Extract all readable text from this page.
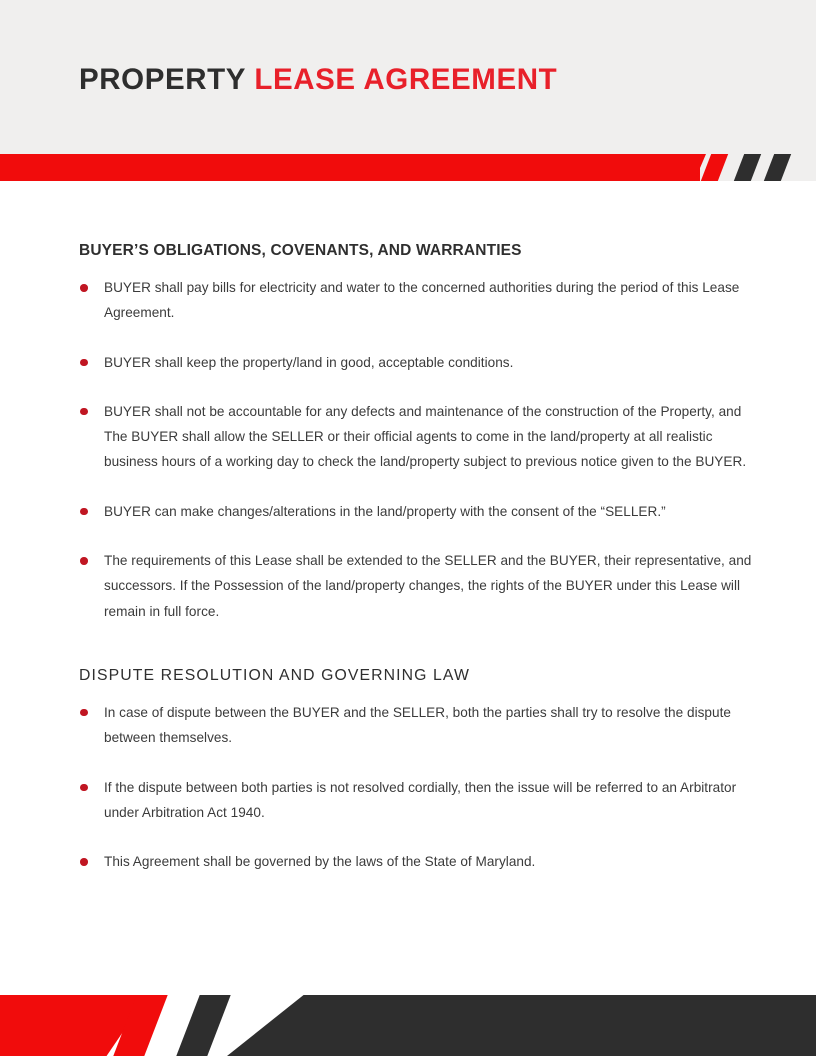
PROPERTY LEASE AGREEMENT
BUYER’S OBLIGATIONS, COVENANTS, AND WARRANTIES
BUYER shall pay bills for electricity and water to the concerned authorities during the period of this Lease Agreement.
BUYER shall keep the property/land in good, acceptable conditions.
BUYER shall not be accountable for any defects and maintenance of the construction of the Property, and The BUYER shall allow the SELLER or their official agents to come in the land/property at all realistic business hours of a working day to check the land/property subject to previous notice given to the BUYER.
BUYER can make changes/alterations in the land/property with the consent of the “SELLER.”
The requirements of this Lease shall be extended to the SELLER and the BUYER, their representative, and successors. If the Possession of the land/property changes, the rights of the BUYER under this Lease will remain in full force.
DISPUTE RESOLUTION AND GOVERNING LAW
In case of dispute between the BUYER and the SELLER, both the parties shall try to resolve the dispute between themselves.
If the dispute between both parties is not resolved cordially, then the issue will be referred to an Arbitrator under Arbitration Act 1940.
This Agreement shall be governed by the laws of the State of Maryland.
